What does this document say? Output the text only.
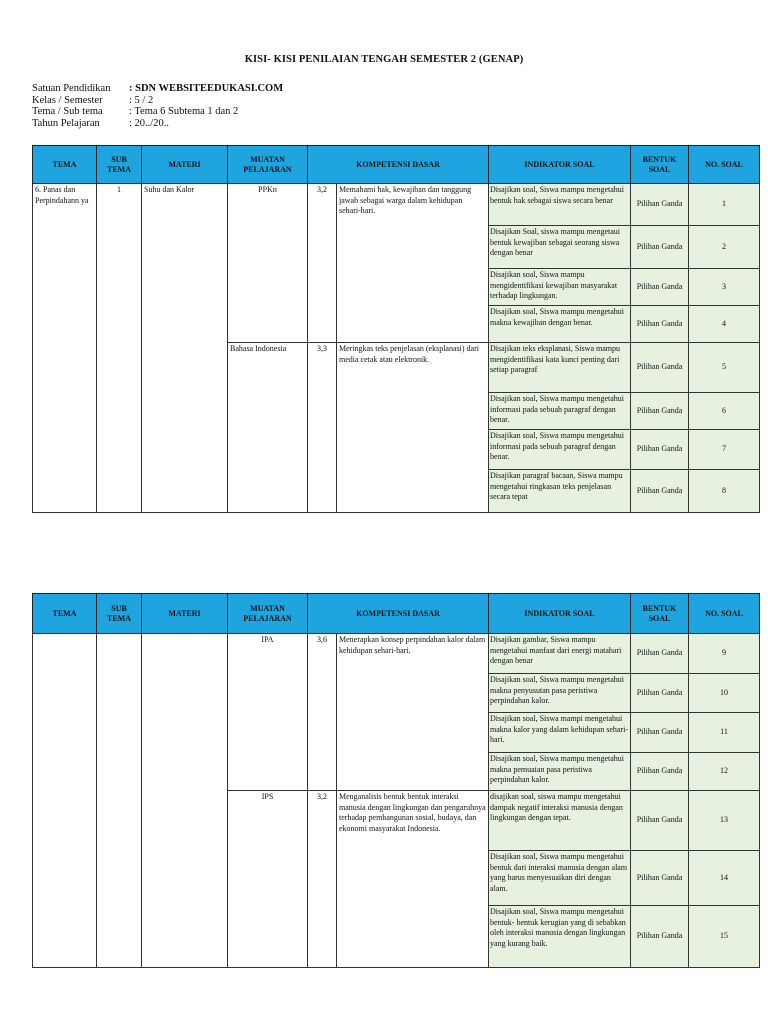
KISI- KISI PENILAIAN TENGAH SEMESTER 2 (GENAP)
Satuan Pendidikan	: SDN WEBSITEEDUKASI.COM
Kelas / Semester	: 5 / 2
Tema / Sub tema	: Tema 6 Subtema 1 dan 2
Tahun Pelajaran	: 20../20..
TEMA	SUB TEMA	MATERI	MUATAN PELAJARAN	KOMPETENSI DASAR		INDIKATOR SOAL	BENTUK SOAL	NO. SOAL
6. Panas dan Perpindahann ya	1	Suhu dan Kalor	PPKn	3,2	Memahami hak, kewajiban dan tanggung jawab sebagai warga dalam kehidupan sehari-hari.	Disajikan soal, Siswa mampu mengetahui bentuk hak sebagai siswa secara benar	Pilihan Ganda	1
						Disajikan Soal, siswa mampu mengetaui bentuk kewajiban sebagai seorang siswa dengan benar	Pilihan Ganda	2
						Disajikan soal, Siswa mampu mengidentifikasi kewajiban masyarakat terhadap lingkungan.	Pilihan Ganda	3
						Disajikan soal, Siswa mampu mengetahui makna kewajiban dengan benar.	Pilihan Ganda	4
			Bahasa Indonesia	3,3	Meringkas teks penjelasan (eksplanasi) dari media cetak atau elektronik.	Disajikan teks eksplanasi, Siswa mampu mengidentifikasi kata kunci penting dari setiap paragraf	Pilihan Ganda	5
						Disajikan soal, Siswa mampu mengetahui informasi pada sebuah paragraf dengan benar.	Pilihan Ganda	6
						Disajikan soal, Siswa mampu mengetahui informasi pada sebuah paragraf dengan benar.	Pilihan Ganda	7
						Disajikan paragraf bacaan, Siswa mampu mengetahui ringkasan teks penjelasan secara tepat	Pilihan Ganda	8
TEMA	SUB TEMA	MATERI	MUATAN PELAJARAN	KOMPETENSI DASAR		INDIKATOR SOAL	BENTUK SOAL	NO. SOAL
			IPA	3,6	Menerapkan konsep perpindahan kalor dalam kehidupan sehari-hari.	Disajikan gambar, Siswa mampu mengetahui manfaat dari energi matahari dengan benar	Pilihan Ganda	9
						Disajikan soal, Siswa mampu mengetahui makna penyusutan pasa peristiwa perpindahan kalor.	Pilihan Ganda	10
						Disajikan soal, Siswa mampi mengetahui makna kalor yang dalam kehidupan sehari-hari.	Pilihan Ganda	11
						Disajikan soal, Siswa mampu mengetahui makna pemuaian pasa peristiwa perpindahan kalor.	Pilihan Ganda	12
			IPS	3,2	Menganalisis bentuk bentuk interaksi manusia dengan lingkungan dan pengaruhnya terhadap pembangunan sosial, budaya, dan ekonomi masyarakat Indonesia.	disajikan soal, siswa mampu mengetahui dampak negatif interaksi manusia dengan lingkungan dengan tepat.	Pilihan Ganda	13
						Disajikan soal, Siswa mampu mengetahui bentuk dari interaksi manusia dengan alam yang harus menyesuaikan diri dengan alam.	Pilihan Ganda	14
						Disajikan soal, Siswa mampu mengetahui bentuk- bentuk kerugian yang di sebabkan oleh interaksi manusia dengan lingkungan yang kurang baik.	Pilihan Ganda	15
